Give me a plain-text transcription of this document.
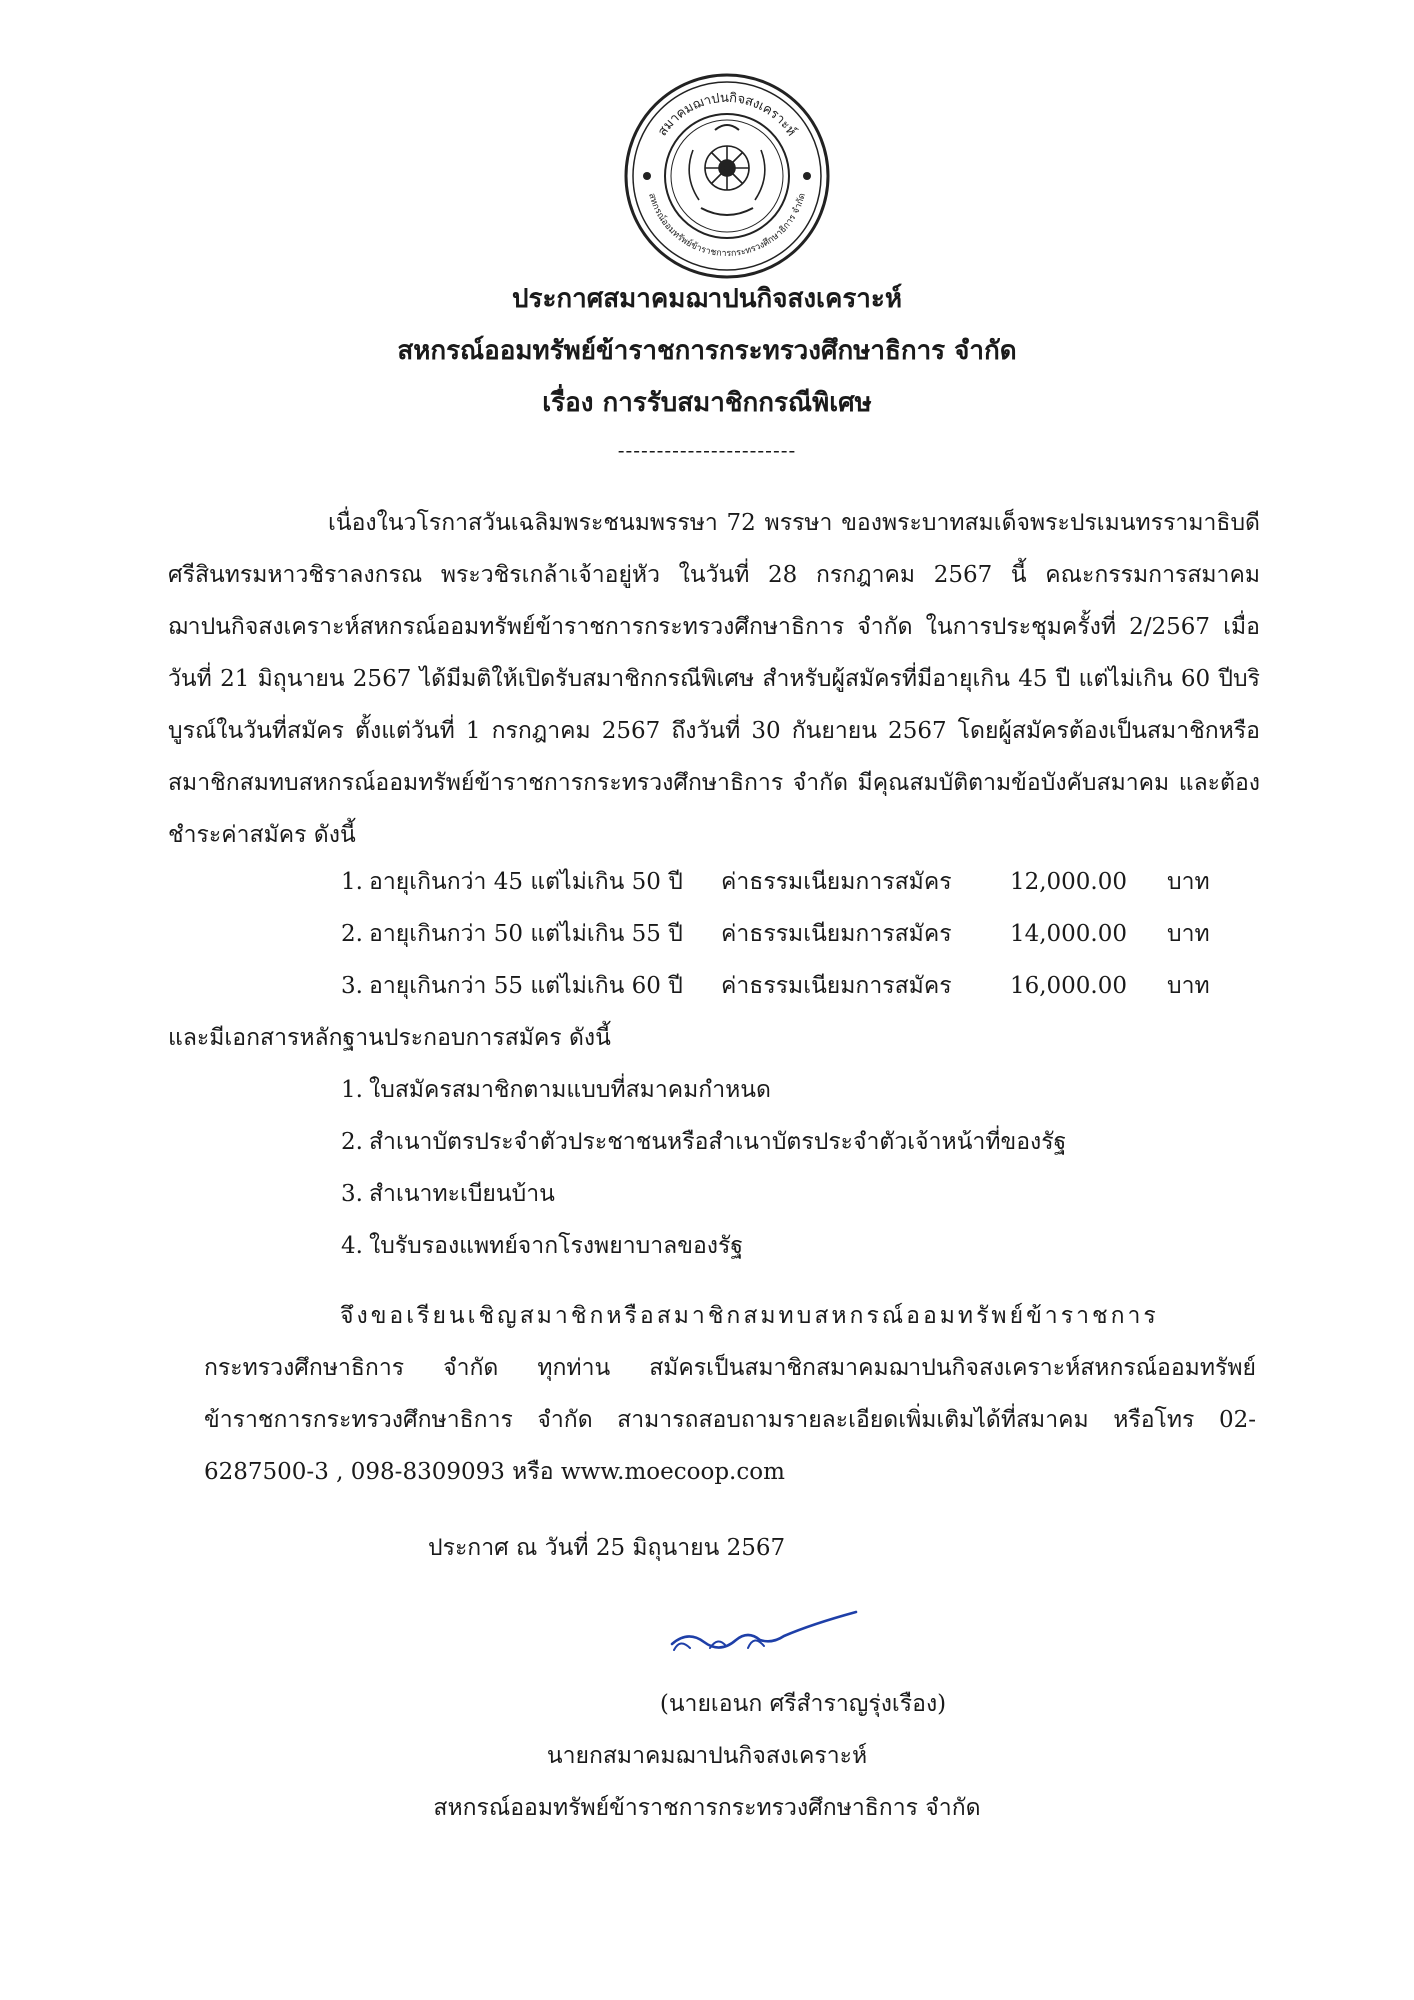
สมาคมฌาปนกิจสงเคราะห์
สหกรณ์ออมทรัพย์ข้าราชการกระทรวงศึกษาธิการ จำกัด
ประกาศสมาคมฌาปนกิจสงเคราะห์
สหกรณ์ออมทรัพย์ข้าราชการกระทรวงศึกษาธิการ จำกัด
เรื่อง การรับสมาชิกกรณีพิเศษ
-----------------------
เนื่องในวโรกาสวันเฉลิมพระชนมพรรษา 72 พรรษา ของพระบาทสมเด็จพระปรเมนทรรามาธิบดีศรีสินทรมหาวชิราลงกรณ พระวชิรเกล้าเจ้าอยู่หัว ในวันที่ 28 กรกฎาคม 2567 นี้ คณะกรรมการสมาคมฌาปนกิจสงเคราะห์สหกรณ์ออมทรัพย์ข้าราชการกระทรวงศึกษาธิการ จำกัด ในการประชุมครั้งที่ 2/2567 เมื่อวันที่ 21 มิถุนายน 2567 ได้มีมติให้เปิดรับสมาชิกกรณีพิเศษ สำหรับผู้สมัครที่มีอายุเกิน 45 ปี แต่ไม่เกิน 60 ปีบริบูรณ์ในวันที่สมัคร ตั้งแต่วันที่ 1 กรกฎาคม 2567 ถึงวันที่ 30 กันยายน 2567 โดยผู้สมัครต้องเป็นสมาชิกหรือสมาชิกสมทบสหกรณ์ออมทรัพย์ข้าราชการกระทรวงศึกษาธิการ จำกัด มีคุณสมบัติตามข้อบังคับสมาคม และต้องชำระค่าสมัคร ดังนี้
1. อายุเกินกว่า 45 แต่ไม่เกิน 50 ปี ค่าธรรมเนียมการสมัคร	12,000.00 บาท
2. อายุเกินกว่า 50 แต่ไม่เกิน 55 ปี ค่าธรรมเนียมการสมัคร	14,000.00 บาท
3. อายุเกินกว่า 55 แต่ไม่เกิน 60 ปี ค่าธรรมเนียมการสมัคร	16,000.00 บาท
และมีเอกสารหลักฐานประกอบการสมัคร ดังนี้
1. ใบสมัครสมาชิกตามแบบที่สมาคมกำหนด
2. สำเนาบัตรประจำตัวประชาชนหรือสำเนาบัตรประจำตัวเจ้าหน้าที่ของรัฐ
3. สำเนาทะเบียนบ้าน
4. ใบรับรองแพทย์จากโรงพยาบาลของรัฐ
จึงขอเรียนเชิญสมาชิกหรือสมาชิกสมทบสหกรณ์ออมทรัพย์ข้าราชการ กระทรวงศึกษาธิการ จำกัด ทุกท่าน สมัครเป็นสมาชิกสมาคมฌาปนกิจสงเคราะห์สหกรณ์ออมทรัพย์ข้าราชการกระทรวงศึกษาธิการ จำกัด สามารถสอบถามรายละเอียดเพิ่มเติมได้ที่สมาคม หรือโทร 02-6287500-3 , 098-8309093 หรือ www.moecoop.com
ประกาศ ณ วันที่ 25 มิถุนายน 2567
(นายเอนก ศรีสำราญรุ่งเรือง)
นายกสมาคมฌาปนกิจสงเคราะห์
สหกรณ์ออมทรัพย์ข้าราชการกระทรวงศึกษาธิการ จำกัด
